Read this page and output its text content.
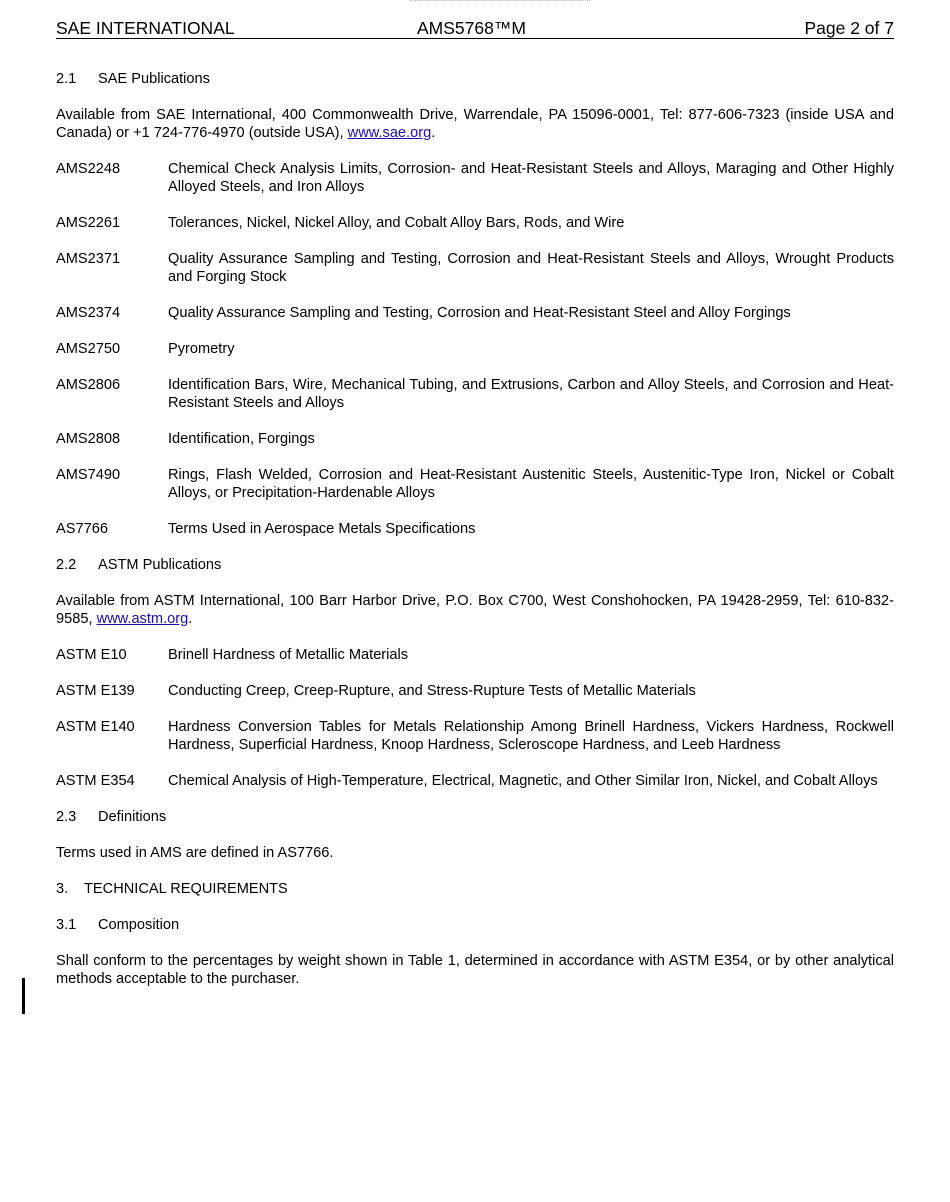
SAE INTERNATIONAL	AMS5768™M	Page 2 of 7
2.1 SAE Publications

Available from SAE International, 400 Commonwealth Drive, Warrendale, PA 15096-0001, Tel: 877-606-7323 (inside USA and Canada) or +1 724-776-4970 (outside USA), www.sae.org.

AMS2248	Chemical Check Analysis Limits, Corrosion- and Heat-Resistant Steels and Alloys, Maraging and Other Highly Alloyed Steels, and Iron Alloys
AMS2261	Tolerances, Nickel, Nickel Alloy, and Cobalt Alloy Bars, Rods, and Wire
AMS2371	Quality Assurance Sampling and Testing, Corrosion and Heat-Resistant Steels and Alloys, Wrought Products and Forging Stock
AMS2374	Quality Assurance Sampling and Testing, Corrosion and Heat-Resistant Steel and Alloy Forgings
AMS2750	Pyrometry
AMS2806	Identification Bars, Wire, Mechanical Tubing, and Extrusions, Carbon and Alloy Steels, and Corrosion and Heat-Resistant Steels and Alloys
AMS2808	Identification, Forgings
AMS7490	Rings, Flash Welded, Corrosion and Heat-Resistant Austenitic Steels, Austenitic-Type Iron, Nickel or Cobalt Alloys, or Precipitation-Hardenable Alloys
AS7766	Terms Used in Aerospace Metals Specifications
2.2 ASTM Publications

Available from ASTM International, 100 Barr Harbor Drive, P.O. Box C700, West Conshohocken, PA 19428-2959, Tel: 610-832-9585, www.astm.org.

ASTM E10	Brinell Hardness of Metallic Materials
ASTM E139	Conducting Creep, Creep-Rupture, and Stress-Rupture Tests of Metallic Materials
ASTM E140	Hardness Conversion Tables for Metals Relationship Among Brinell Hardness, Vickers Hardness, Rockwell Hardness, Superficial Hardness, Knoop Hardness, Scleroscope Hardness, and Leeb Hardness
ASTM E354	Chemical Analysis of High-Temperature, Electrical, Magnetic, and Other Similar Iron, Nickel, and Cobalt Alloys
2.3 Definitions

Terms used in AMS are defined in AS7766.

3. TECHNICAL REQUIREMENTS
3.1 Composition

Shall conform to the percentages by weight shown in Table 1, determined in accordance with ASTM E354, or by other analytical methods acceptable to the purchaser.
